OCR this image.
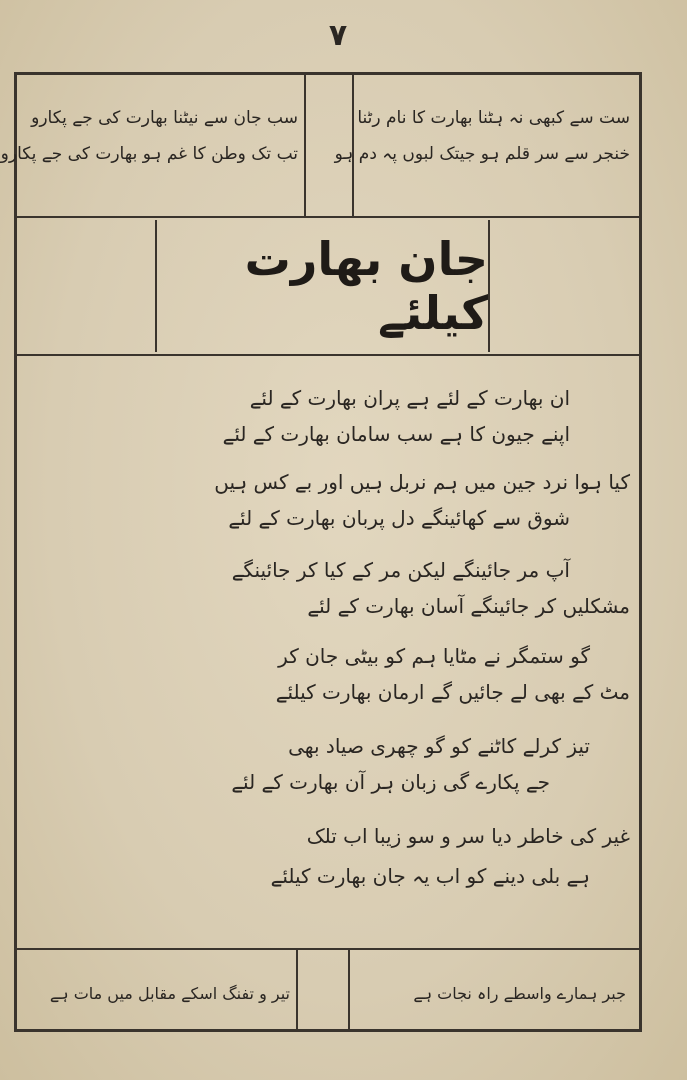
۷
ست سے کبھی نہ ہٹنا بھارت کا نام رٹنا
خنجر سے سر قلم ہو جیتک لبوں پہ دم ہو
سب جان سے نیٹنا بھارت کی جے پکارو
تب تک وطن کا غم ہو بھارت کی جے پکارو
جان بھارت کیلئے
ان بھارت کے لئے ہے پران بھارت کے لئے
اپنے جیون کا ہے سب سامان بھارت کے لئے
کیا ہوا نرد جین میں ہم نربل ہیں اور بے کس ہیں
شوق سے کھائینگے دل پربان بھارت کے لئے
آپ مر جائینگے لیکن مر کے کیا کر جائینگے
مشکلیں کر جائینگے آسان بھارت کے لئے
گو ستمگر نے مٹایا ہم کو بیٹی جان کر
مٹ کے بھی لے جائیں گے ارمان بھارت کیلئے
تیز کرلے کاٹنے کو گو چھری صیاد بھی
جے پکارے گی زبان ہر آن بھارت کے لئے
غیر کی خاطر دیا سر و سو زیبا اب تلک
ہے بلی دینے کو اب یہ جان بھارت کیلئے
جبر ہمارے واسطے راہ نجات ہے
تیر و تفنگ اسکے مقابل میں مات ہے
